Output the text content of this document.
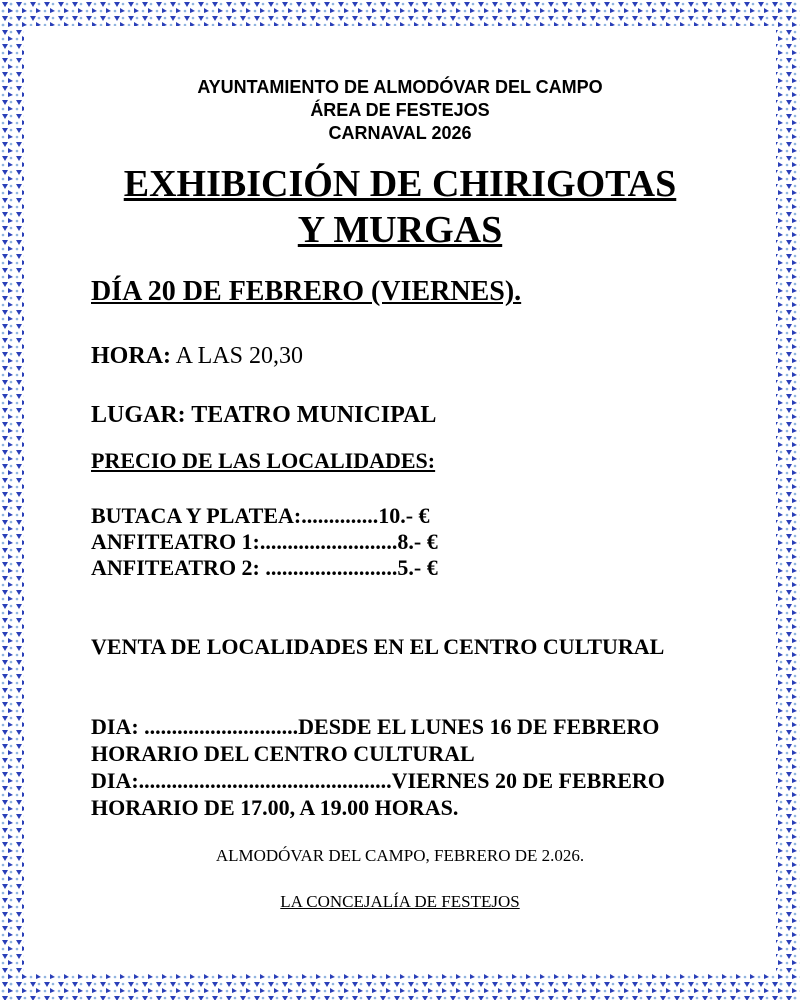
AYUNTAMIENTO DE ALMODÓVAR DEL CAMPO
ÁREA DE FESTEJOS
CARNAVAL 2026
EXHIBICIÓN DE CHIRIGOTAS
Y MURGAS
DÍA 20 DE FEBRERO (VIERNES).
HORA: A LAS 20,30
LUGAR: TEATRO MUNICIPAL
PRECIO DE LAS LOCALIDADES:
BUTACA Y PLATEA:..............10.- €
ANFITEATRO 1:.........................8.- €
ANFITEATRO 2: ........................5.- €
VENTA DE LOCALIDADES EN EL CENTRO CULTURAL
DIA: ............................DESDE EL LUNES 16 DE FEBRERO
HORARIO DEL CENTRO CULTURAL
DIA:..............................................VIERNES 20 DE FEBRERO
HORARIO DE 17.00, A 19.00 HORAS.
ALMODÓVAR DEL CAMPO, FEBRERO DE 2.026.
LA CONCEJALÍA DE FESTEJOS
